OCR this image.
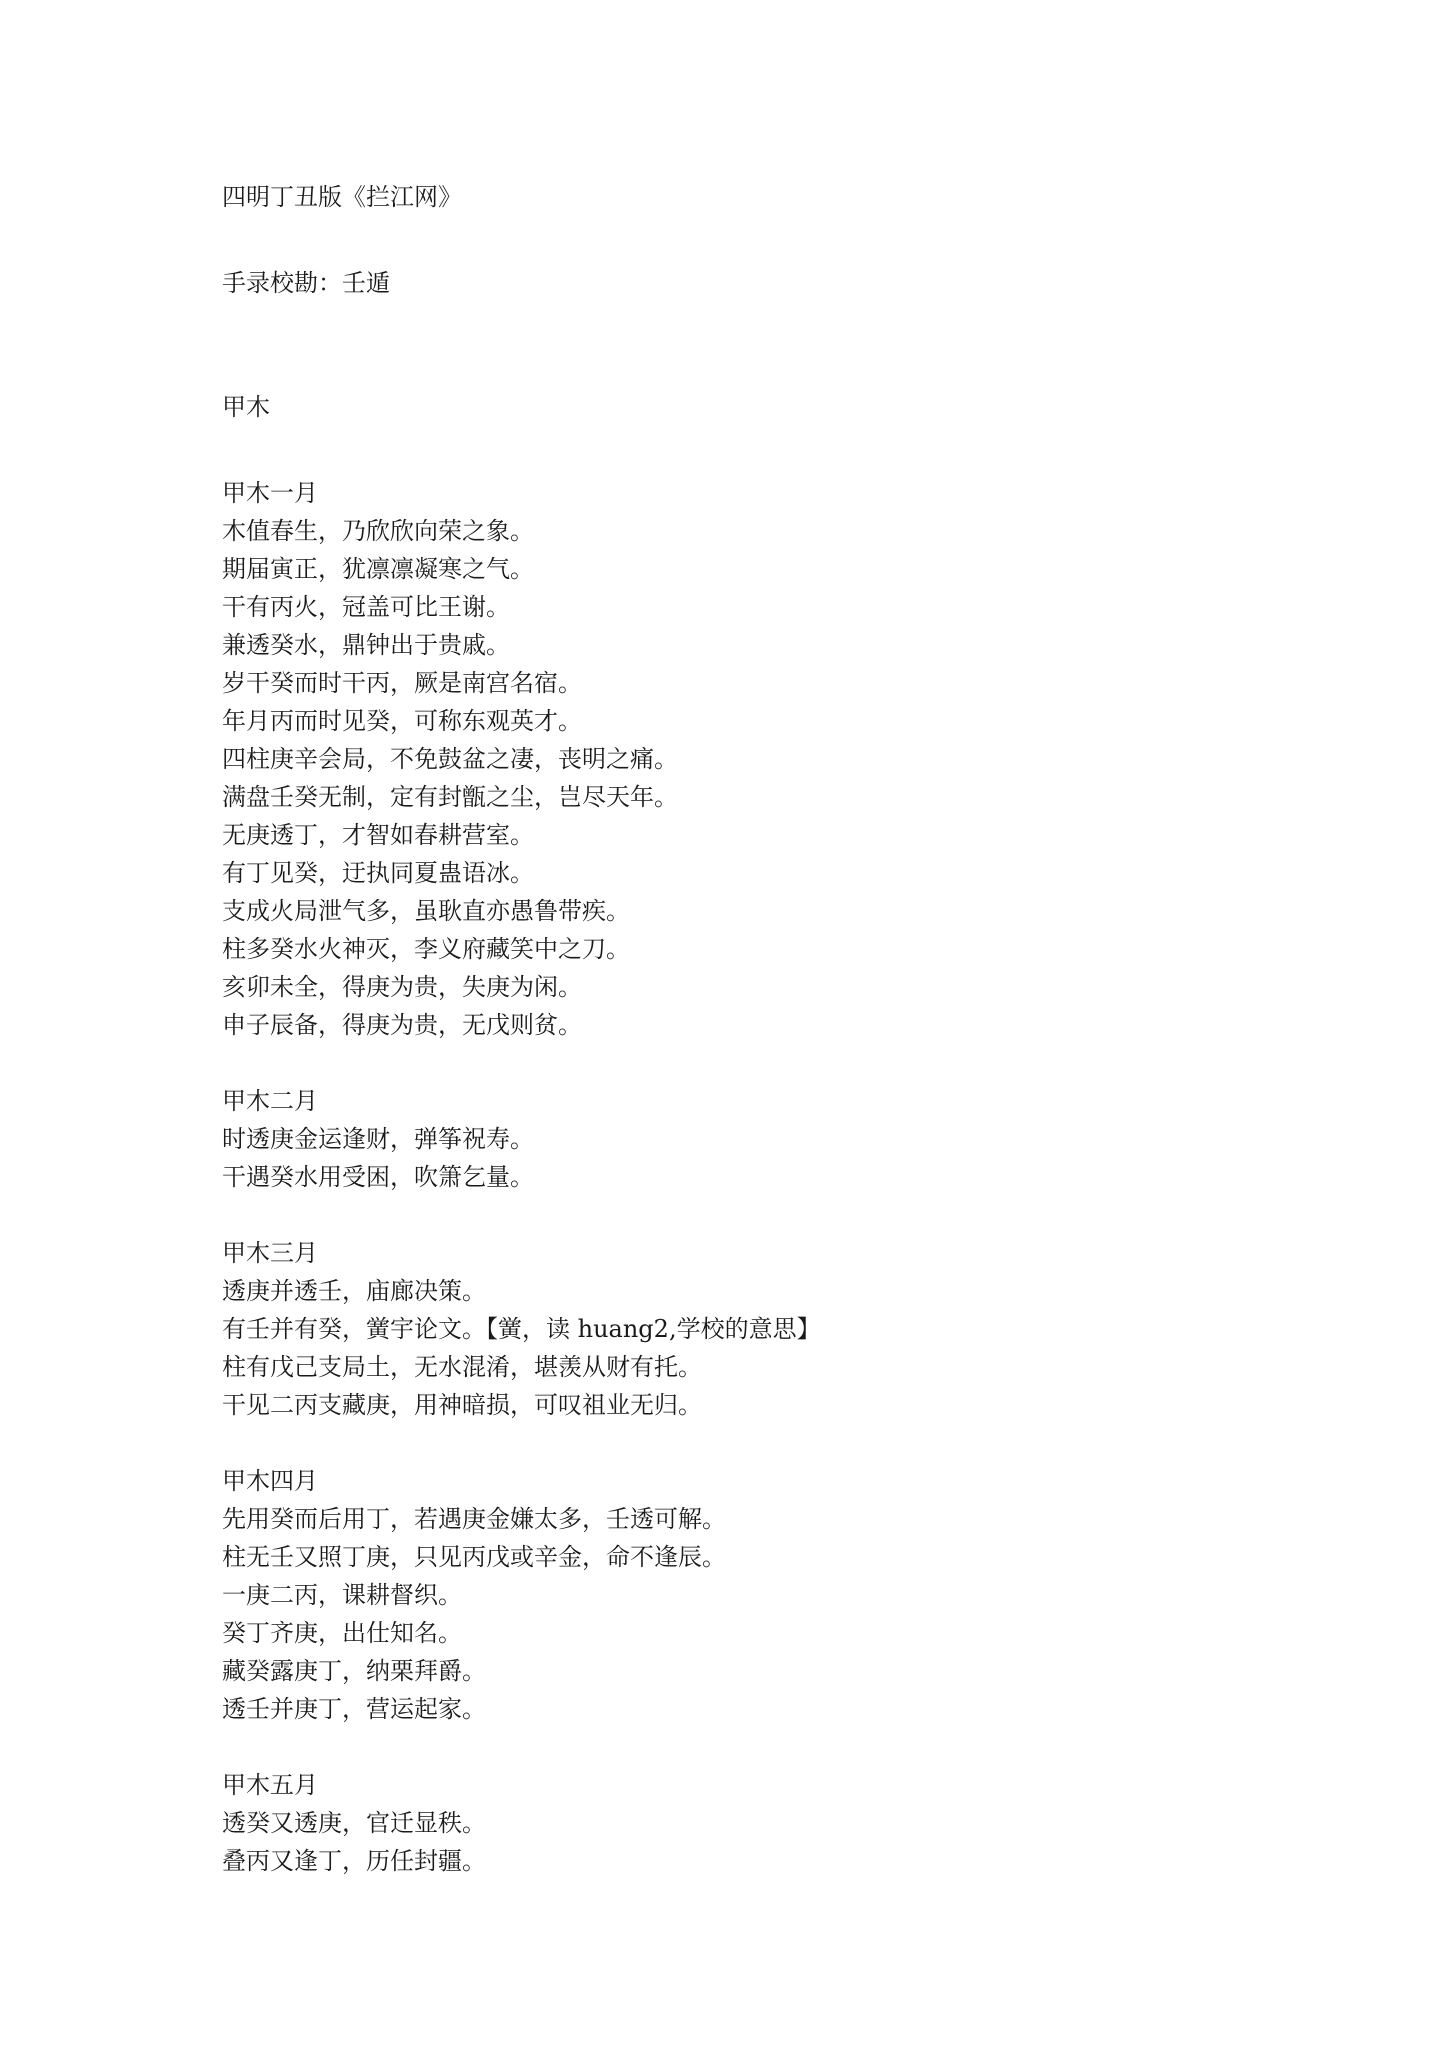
四明丁丑版《拦江网》
手录校勘：壬遁
甲木
甲木一月
木值春生，乃欣欣向荣之象。
期届寅正，犹凛凛凝寒之气。
干有丙火，冠盖可比王谢。
兼透癸水，鼎钟出于贵戚。
岁干癸而时干丙，厥是南宫名宿。
年月丙而时见癸，可称东观英才。
四柱庚辛会局，不免鼓盆之凄，丧明之痛。
满盘壬癸无制，定有封甑之尘，岂尽天年。
无庚透丁，才智如春耕营室。
有丁见癸，迂执同夏蛊语冰。
支成火局泄气多，虽耿直亦愚鲁带疾。
柱多癸水火神灭，李义府藏笑中之刀。
亥卯未全，得庚为贵，失庚为闲。
申子辰备，得庚为贵，无戊则贫。
甲木二月
时透庚金运逢财，弹筝祝寿。
干遇癸水用受困，吹箫乞量。
甲木三月
透庚并透壬，庙廊决策。
有壬并有癸，黉宇论文。【黉，读 huang2,学校的意思】
柱有戊己支局土，无水混淆，堪羡从财有托。
干见二丙支藏庚，用神暗损，可叹祖业无归。
甲木四月
先用癸而后用丁，若遇庚金嫌太多，壬透可解。
柱无壬又照丁庚，只见丙戊或辛金，命不逢辰。
一庚二丙，课耕督织。
癸丁齐庚，出仕知名。
藏癸露庚丁，纳栗拜爵。
透壬并庚丁，营运起家。
甲木五月
透癸又透庚，官迁显秩。
叠丙又逢丁，历任封疆。
